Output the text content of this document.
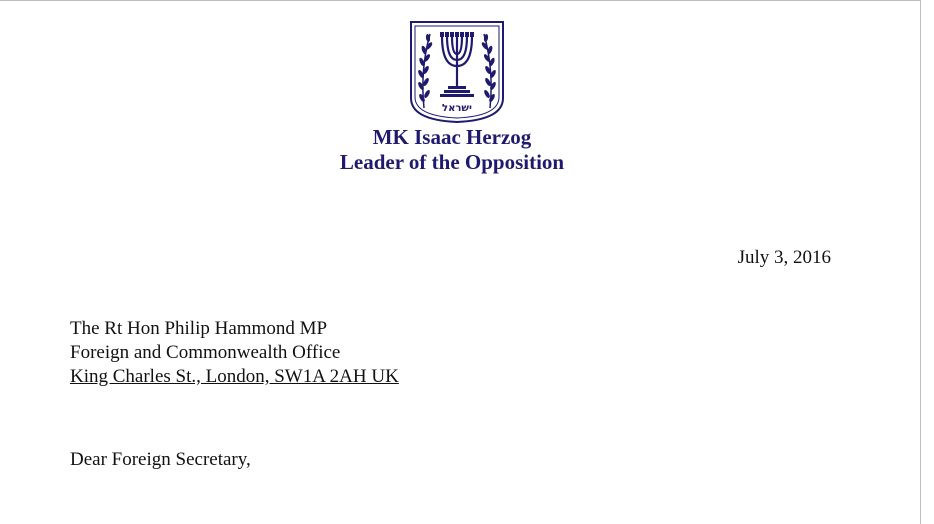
ישראל
MK Isaac Herzog
Leader of the Opposition
July 3, 2016
The Rt Hon Philip Hammond MP
Foreign and Commonwealth Office
King Charles St., London, SW1A 2AH UK
Dear Foreign Secretary,
